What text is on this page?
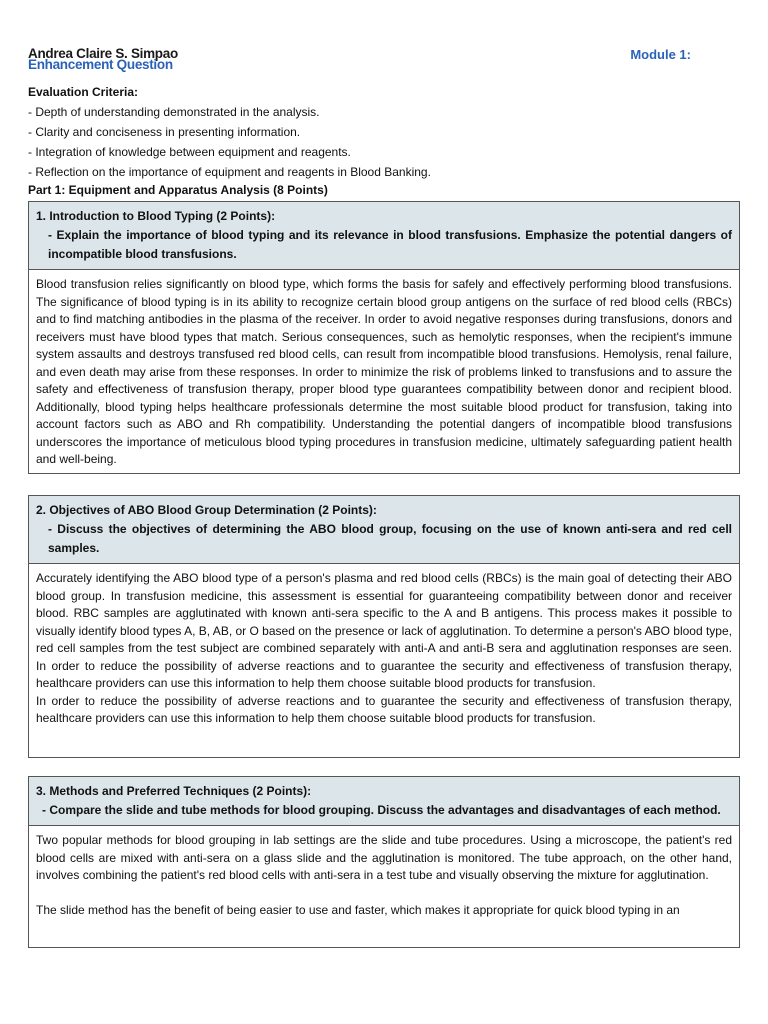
Andrea Claire S. Simpao
Enhancement Question
Module 1:
Evaluation Criteria:
- Depth of understanding demonstrated in the analysis.
- Clarity and conciseness in presenting information.
- Integration of knowledge between equipment and reagents.
- Reflection on the importance of equipment and reagents in Blood Banking.
Part 1: Equipment and Apparatus Analysis (8 Points)
1. Introduction to Blood Typing (2 Points):
- Explain the importance of blood typing and its relevance in blood transfusions. Emphasize the potential dangers of incompatible blood transfusions.

Blood transfusion relies significantly on blood type, which forms the basis for safely and effectively performing blood transfusions. The significance of blood typing is in its ability to recognize certain blood group antigens on the surface of red blood cells (RBCs) and to find matching antibodies in the plasma of the receiver. In order to avoid negative responses during transfusions, donors and receivers must have blood types that match. Serious consequences, such as hemolytic responses, when the recipient's immune system assaults and destroys transfused red blood cells, can result from incompatible blood transfusions. Hemolysis, renal failure, and even death may arise from these responses. In order to minimize the risk of problems linked to transfusions and to assure the safety and effectiveness of transfusion therapy, proper blood type guarantees compatibility between donor and recipient blood. Additionally, blood typing helps healthcare professionals determine the most suitable blood product for transfusion, taking into account factors such as ABO and Rh compatibility. Understanding the potential dangers of incompatible blood transfusions underscores the importance of meticulous blood typing procedures in transfusion medicine, ultimately safeguarding patient health and well-being.

2. Objectives of ABO Blood Group Determination (2 Points):
- Discuss the objectives of determining the ABO blood group, focusing on the use of known anti-sera and red cell samples.

Accurately identifying the ABO blood type of a person's plasma and red blood cells (RBCs) is the main goal of detecting their ABO blood group. In transfusion medicine, this assessment is essential for guaranteeing compatibility between donor and receiver blood. RBC samples are agglutinated with known anti-sera specific to the A and B antigens. This process makes it possible to visually identify blood types A, B, AB, or O based on the presence or lack of agglutination. To determine a person's ABO blood type, red cell samples from the test subject are combined separately with anti-A and anti-B sera and agglutination responses are seen. In order to reduce the possibility of adverse reactions and to guarantee the security and effectiveness of transfusion therapy, healthcare providers can use this information to help them choose suitable blood products for transfusion.

In order to reduce the possibility of adverse reactions and to guarantee the security and effectiveness of transfusion therapy, healthcare providers can use this information to help them choose suitable blood products for transfusion.

3. Methods and Preferred Techniques (2 Points):
- Compare the slide and tube methods for blood grouping. Discuss the advantages and disadvantages of each method.

Two popular methods for blood grouping in lab settings are the slide and tube procedures. Using a microscope, the patient's red blood cells are mixed with anti-sera on a glass slide and the agglutination is monitored. The tube approach, on the other hand, involves combining the patient's red blood cells with anti-sera in a test tube and visually observing the mixture for agglutination.

The slide method has the benefit of being easier to use and faster, which makes it appropriate for quick blood typing in an
